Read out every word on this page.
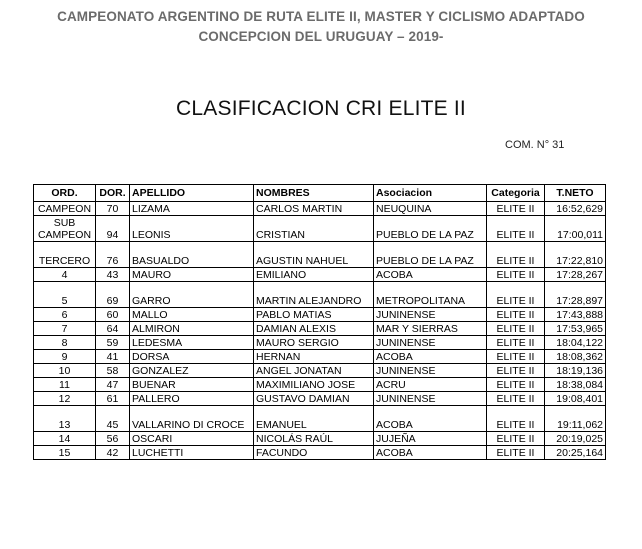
CAMPEONATO ARGENTINO DE RUTA ELITE II, MASTER Y CICLISMO ADAPTADO
CONCEPCION DEL URUGUAY – 2019-
CLASIFICACION CRI ELITE II
COM. N° 31
ORD.	DOR.	APELLIDO	NOMBRES	Asociacion	Categoria	T.NETO
CAMPEON	70	LIZAMA	CARLOS MARTIN	NEUQUINA	ELITE II	16:52,629
SUB CAMPEON	94	LEONIS	CRISTIAN	PUEBLO DE LA PAZ	ELITE II	17:00,011
TERCERO	76	BASUALDO	AGUSTIN NAHUEL	PUEBLO DE LA PAZ	ELITE II	17:22,810
4	43	MAURO	EMILIANO	ACOBA	ELITE II	17:28,267
5	69	GARRO	MARTIN ALEJANDRO	METROPOLITANA	ELITE II	17:28,897
6	60	MALLO	PABLO MATIAS	JUNINENSE	ELITE II	17:43,888
7	64	ALMIRON	DAMIAN ALEXIS	MAR Y SIERRAS	ELITE II	17:53,965
8	59	LEDESMA	MAURO SERGIO	JUNINENSE	ELITE II	18:04,122
9	41	DORSA	HERNAN	ACOBA	ELITE II	18:08,362
10	58	GONZALEZ	ANGEL JONATAN	JUNINENSE	ELITE II	18:19,136
11	47	BUENAR	MAXIMILIANO JOSE	ACRU	ELITE II	18:38,084
12	61	PALLERO	GUSTAVO DAMIAN	JUNINENSE	ELITE II	19:08,401
13	45	VALLARINO DI CROCE	EMANUEL	ACOBA	ELITE II	19:11,062
14	56	OSCARI	NICOLÁS RAÚL	JUJEÑA	ELITE II	20:19,025
15	42	LUCHETTI	FACUNDO	ACOBA	ELITE II	20:25,164
